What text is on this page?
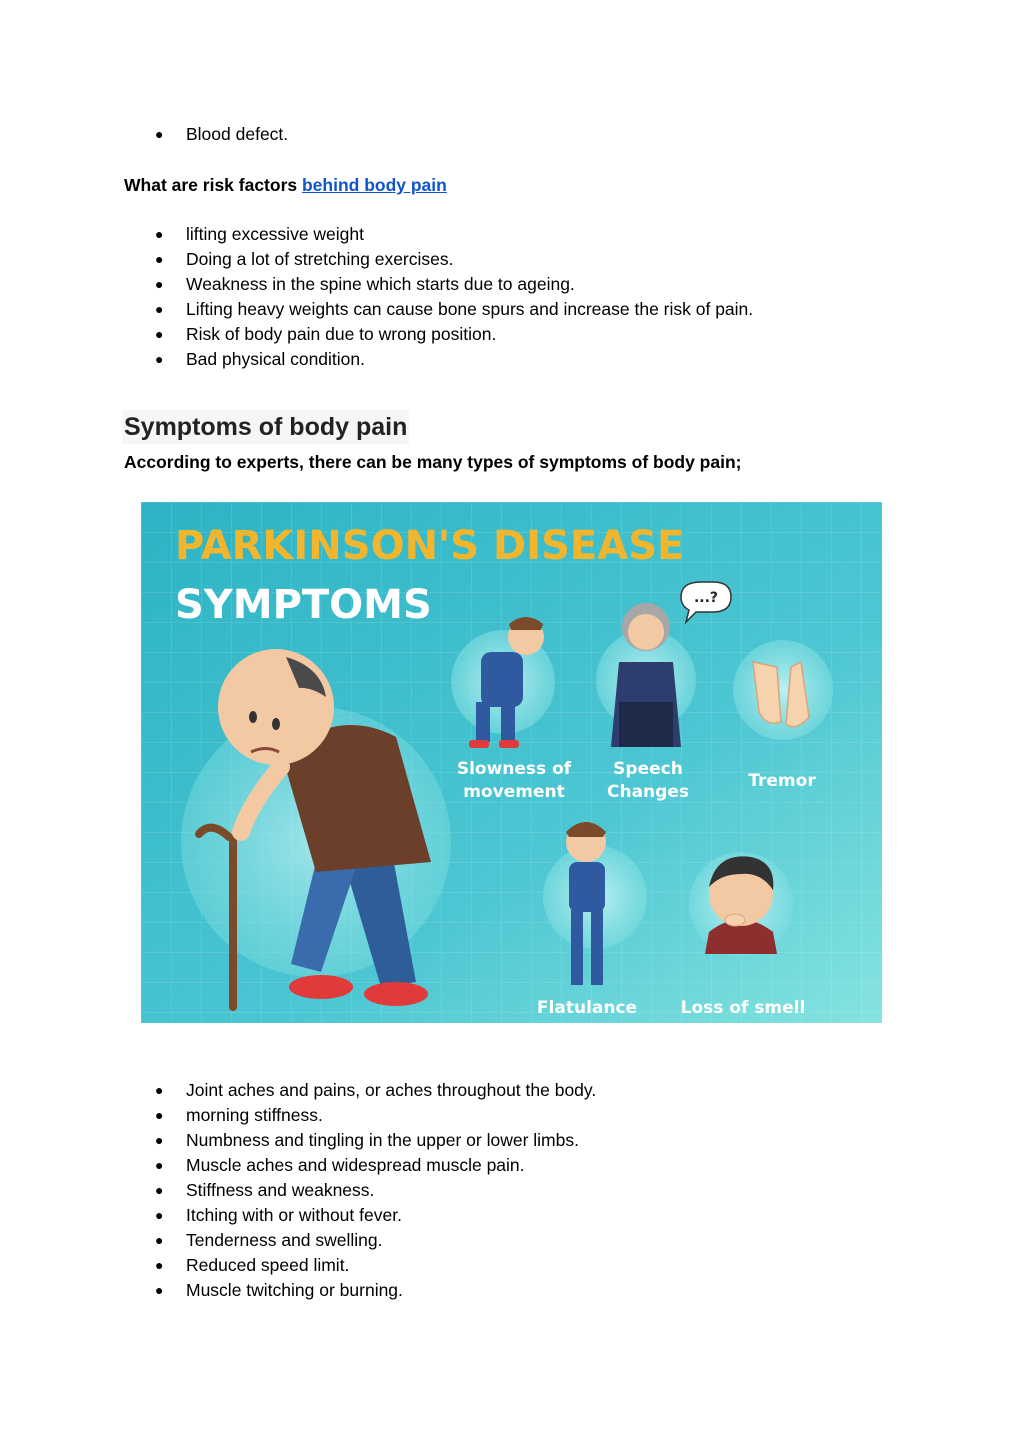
● Blood defect.
What are risk factors behind body pain
● lifting excessive weight
● Doing a lot of stretching exercises.
● Weakness in the spine which starts due to ageing.
● Lifting heavy weights can cause bone spurs and increase the risk of pain.
● Risk of body pain due to wrong position.
● Bad physical condition.
Symptoms of body pain
According to experts, there can be many types of symptoms of body pain;
PARKINSON'S DISEASE
SYMPTOMS
Slowness of
movement
...?
Speech
Changes
Tremor
Flatulance	Loss of smell
● Joint aches and pains, or aches throughout the body.
● morning stiffness.
● Numbness and tingling in the upper or lower limbs.
● Muscle aches and widespread muscle pain.
● Stiffness and weakness.
● Itching with or without fever.
● Tenderness and swelling.
● Reduced speed limit.
● Muscle twitching or burning.
